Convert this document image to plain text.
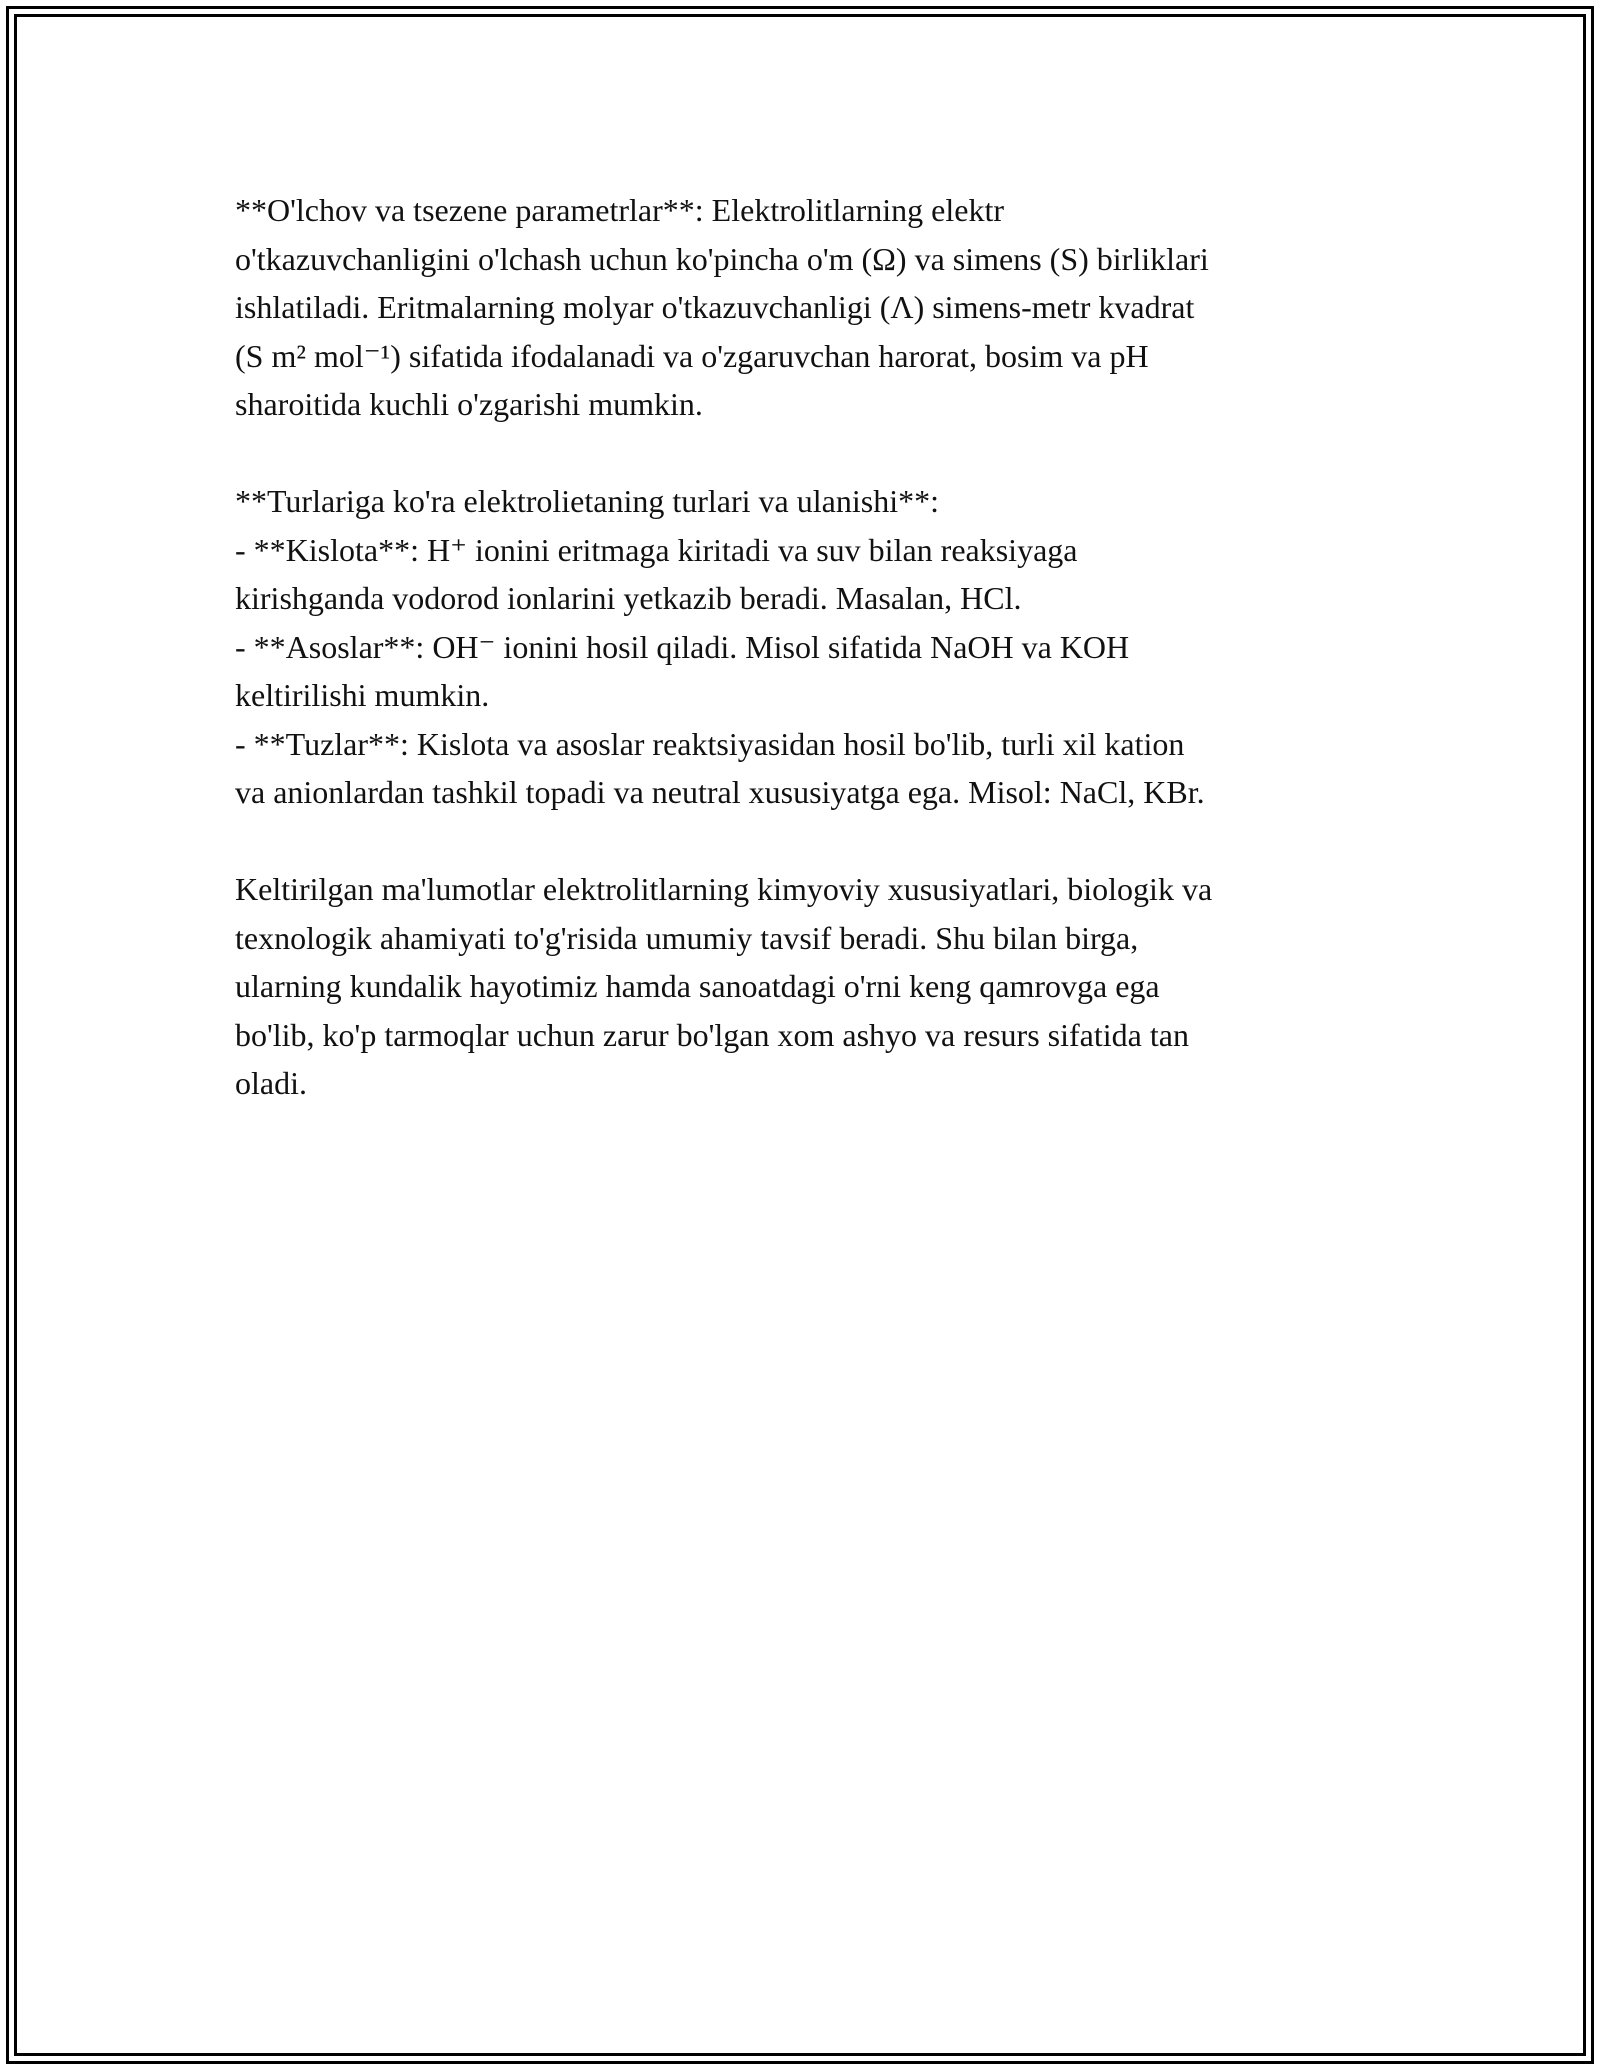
**O'lchov va tsezene parametrlar**: Elektrolitlarning elektr
o'tkazuvchanligini o'lchash uchun ko'pincha o'm (Ω) va simens (S) birliklari
ishlatiladi. Eritmalarning molyar o'tkazuvchanligi (Λ) simens-metr kvadrat
(S m² mol⁻¹) sifatida ifodalanadi va o'zgaruvchan harorat, bosim va pH
sharoitida kuchli o'zgarishi mumkin.
**Turlariga ko'ra elektrolietaning turlari va ulanishi**:
- **Kislota**: H⁺ ionini eritmaga kiritadi va suv bilan reaksiyaga
kirishganda vodorod ionlarini yetkazib beradi. Masalan, HCl.
- **Asoslar**: OH⁻ ionini hosil qiladi. Misol sifatida NaOH va KOH
keltirilishi mumkin.
- **Tuzlar**: Kislota va asoslar reaktsiyasidan hosil bo'lib, turli xil kation
va anionlardan tashkil topadi va neutral xususiyatga ega. Misol: NaCl, KBr.
Keltirilgan ma'lumotlar elektrolitlarning kimyoviy xususiyatlari, biologik va
texnologik ahamiyati to'g'risida umumiy tavsif beradi. Shu bilan birga,
ularning kundalik hayotimiz hamda sanoatdagi o'rni keng qamrovga ega
bo'lib, ko'p tarmoqlar uchun zarur bo'lgan xom ashyo va resurs sifatida tan
oladi.
